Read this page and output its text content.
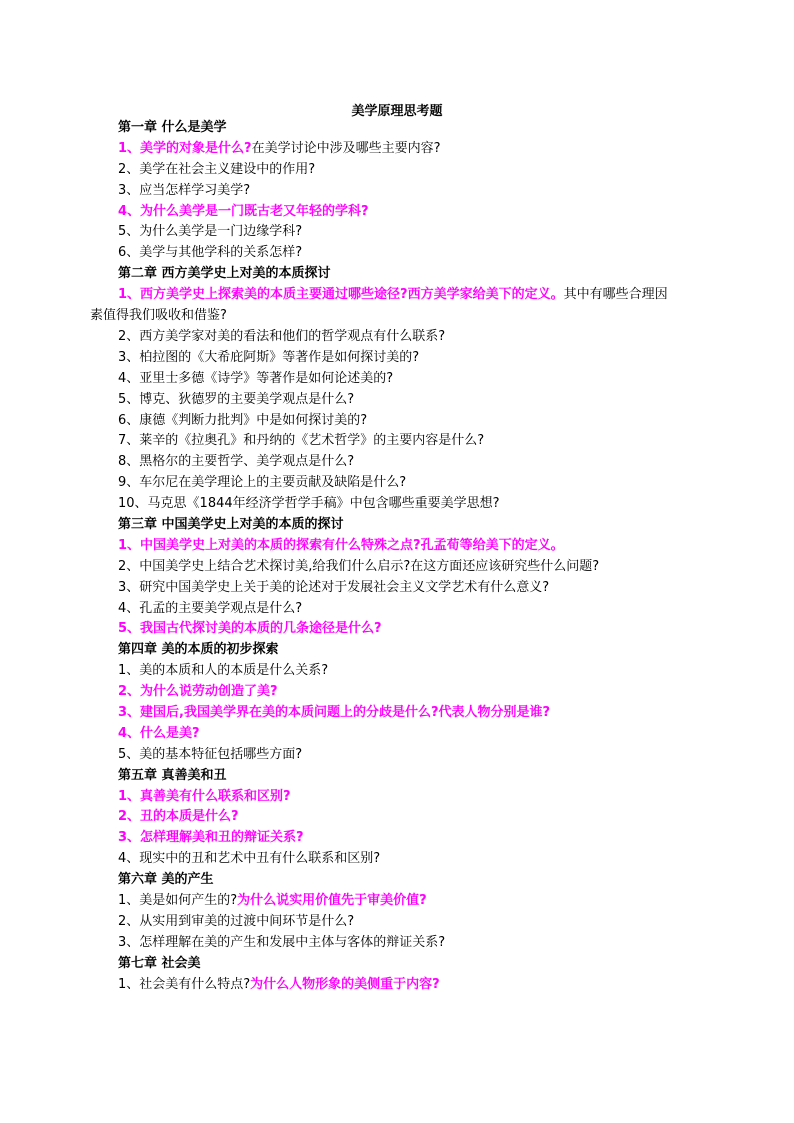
美学原理思考题
第一章 什么是美学
1、美学的对象是什么?在美学讨论中涉及哪些主要内容?
2、美学在社会主义建设中的作用?
3、应当怎样学习美学?
4、为什么美学是一门既古老又年轻的学科?
5、为什么美学是一门边缘学科?
6、美学与其他学科的关系怎样?
第二章 西方美学史上对美的本质探讨
1、西方美学史上探索美的本质主要通过哪些途径?西方美学家给美下的定义。其中有哪些合理因素值得我们吸收和借鉴?
2、西方美学家对美的看法和他们的哲学观点有什么联系?
3、柏拉图的《大希庇阿斯》等著作是如何探讨美的?
4、亚里士多德《诗学》等著作是如何论述美的?
5、博克、狄德罗的主要美学观点是什么?
6、康德《判断力批判》中是如何探讨美的?
7、莱辛的《拉奥孔》和丹纳的《艺术哲学》的主要内容是什么?
8、黑格尔的主要哲学、美学观点是什么?
9、车尔尼在美学理论上的主要贡献及缺陷是什么?
10、马克思《1844年经济学哲学手稿》中包含哪些重要美学思想?
第三章 中国美学史上对美的本质的探讨
1、中国美学史上对美的本质的探索有什么特殊之点?孔孟荀等给美下的定义。
2、中国美学史上结合艺术探讨美,给我们什么启示?在这方面还应该研究些什么问题?
3、研究中国美学史上关于美的论述对于发展社会主义文学艺术有什么意义?
4、孔孟的主要美学观点是什么?
5、我国古代探讨美的本质的几条途径是什么?
第四章 美的本质的初步探索
1、美的本质和人的本质是什么关系?
2、为什么说劳动创造了美?
3、建国后,我国美学界在美的本质问题上的分歧是什么?代表人物分别是谁?
4、什么是美?
5、美的基本特征包括哪些方面?
第五章 真善美和丑
1、真善美有什么联系和区别?
2、丑的本质是什么?
3、怎样理解美和丑的辩证关系?
4、现实中的丑和艺术中丑有什么联系和区别?
第六章 美的产生
1、美是如何产生的?为什么说实用价值先于审美价值?
2、从实用到审美的过渡中间环节是什么?
3、怎样理解在美的产生和发展中主体与客体的辩证关系?
第七章 社会美
1、社会美有什么特点?为什么人物形象的美侧重于内容?
